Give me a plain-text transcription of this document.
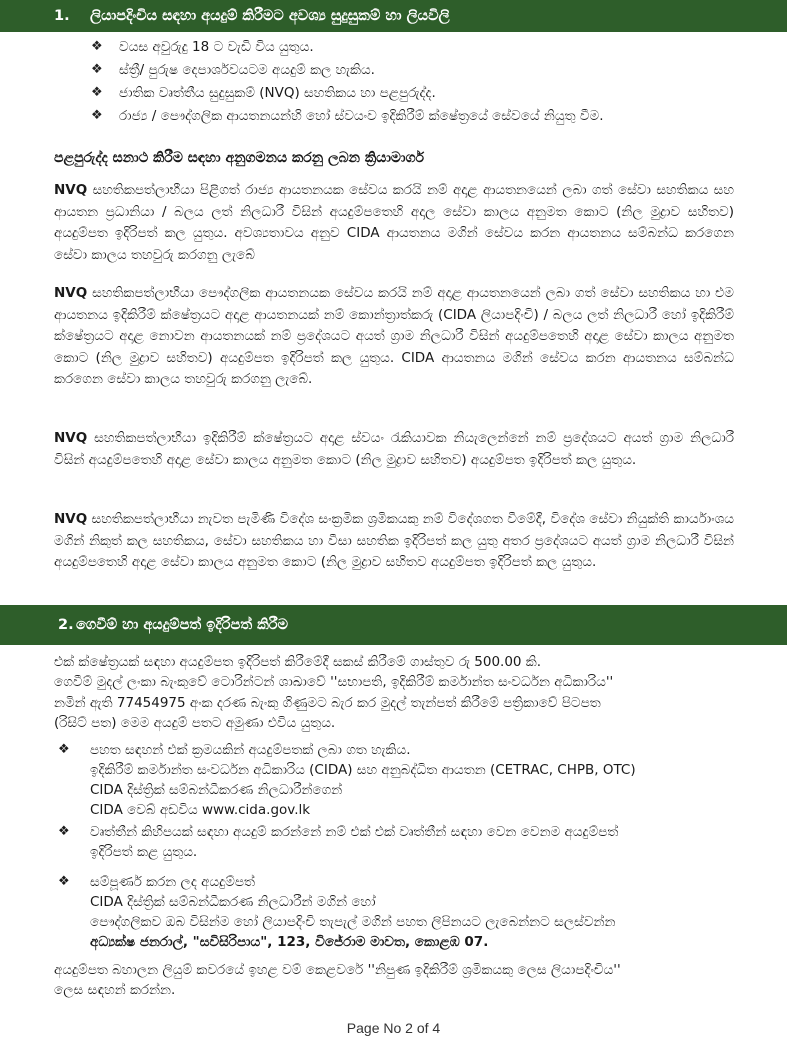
1.	ලියාපදිංචිය සඳහා අයදුම් කිරීමට අවශ්‍ය සුදුසුකම් හා ලියවිලි
❖ වයස අවුරුදු 18 ට වැඩි විය යුතුය.
❖ ස්ත්‍රී/ පුරුෂ දෙපාර්ශවයටම අයදුම් කල හැකිය.
❖ ජාතික වෘත්තීය සුදුසුකම් (NVQ) සහතිකය හා පළපුරුද්ද.
❖ රාජ්‍ය / පෞද්ගලික ආයතනයන්හි හෝ ස්වයංව ඉදිකිරීම් ක්ෂේත්‍රයේ සේවයේ නියුතු වීම.
පළපුරුද්ද සනාථ කිරීම සඳහා අනුගමනය කරනු ලබන ක්‍රියාමාර්ග
NVQ සහතිකපත්ලාභීයා පිළිගත් රාජ්‍ය ආයතනයක සේවය කරයි නම් අදාළ ආයතනයෙන් ලබා ගත් සේවා සහතිකය සහ ආයතන ප්‍රධානියා / බලය ලත් නිලධාරී විසින් අයදුම්පතෙහි අදාල සේවා කාලය අනුමත කොට (නිල මුද්‍රාව සහිතව) අයදුම්පත ඉදිරිපත් කල යුතුය. අවශ්‍යතාවය අනුව CIDA ආයතනය මගින් සේවය කරන ආයතනය සම්බන්ධ කරගෙන සේවා කාලය තහවුරු කරගනු ලැබේ
NVQ සහතිකපත්ලාභීයා පෞද්ගලික ආයතනයක සේවය කරයි නම් අදාළ ආයතනයෙන් ලබා ගත් සේවා සහතිකය හා එම ආයතනය ඉදිකිරීම් ක්ෂේත්‍රයට අදාළ ආයතනයක් නම් කොන්ත්‍රාත්කරු (CIDA ලියාපදිංචි) / බලය ලත් නිලධාරී හෝ ඉදිකිරීම් ක්ෂේත්‍රයට අදාළ නොවන ආයතනයක් නම් ප්‍රදේශයට අයත් ග්‍රාම නිලධාරී විසින් අයදුම්පතෙහි අදාළ සේවා කාලය අනුමත කොට (නිල මුද්‍රාව සහිතව) අයදුම්පත ඉදිරිපත් කල යුතුය. CIDA ආයතනය මගින් සේවය කරන ආයතනය සම්බන්ධ කරගෙන සේවා කාලය තහවුරු කරගනු ලැබේ.
NVQ සහතිකපත්ලාභීයා ඉදිකිරීම් ක්ෂේත්‍රයට අදාළ ස්වයං රැකියාවක නියැලෙන්නේ නම් ප්‍රදේශයට අයත් ග්‍රාම නිලධාරී විසින් අයදුම්පතෙහි අදාළ සේවා කාලය අනුමත කොට (නිල මුද්‍රාව සහිතව) අයදුම්පත ඉදිරිපත් කල යුතුය.
NVQ සහතිකපත්ලාභීයා නැවත පැමිණි විදේශ සංක්‍රමික ශ්‍රමිකයකු නම් විදේශගත වීමේදී, විදේශ සේවා නියුක්ති කාර්යාංශය මගින් නිකුත් කල සහතිකය, සේවා සහතිකය හා වීසා සහතික ඉදිරිපත් කල යුතු අතර ප්‍රදේශයට අයත් ග්‍රාම නිලධාරී විසින් අයදුම්පතෙහි අදාළ සේවා කාලය අනුමත කොට (නිල මුද්‍රාව සහිතව අයදුම්පත ඉදිරිපත් කල යුතුය.
2. ගෙවීම් හා අයදුම්පත් ඉදිරිපත් කිරීම
එක් ක්ෂේත්‍රයක් සඳහා අයදුම්පත ඉදිරිපත් කිරීමේදී සකස් කිරීමේ ගාස්තුව රු 500.00 කි.
ගෙවීම් මුදල් ලංකා බැංකුවේ ටොරින්ටන් ශාඛාවේ ''සභාපති, ඉදිකිරීම් කර්මාන්ත සංවර්ධන අධිකාරිය''
නමින් ඇති 77454975 අංක දරණ බැංකු ගිණුමට බැර කර මුදල් තැන්පත් කිරීමේ පත්‍රිකාවේ පිටපත
(රිසිට් පත) මෙම අයදුම් පතට අමුණා එවිය යුතුය.
❖ පහත සඳහන් එක් ක්‍රමයකින් අයදුම්පතක් ලබා ගත හැකිය.
ඉදිකිරීම් කර්මාන්ත සංවර්ධන අධිකාරිය (CIDA) සහ අනුබද්ධිත ආයතන (CETRAC, CHPB, OTC)
CIDA දිස්ත්‍රික් සම්බන්ධීකරණ නිලධාරීන්ගෙන්
CIDA වෙබ් අඩවිය www.cida.gov.lk
❖ වෘත්තීන් කිහිපයක් සඳහා අයදුම් කරන්නේ නම් එක් එක් වෘත්තීන් සඳහා වෙන වෙනම අයදුම්පත්
ඉදිරිපත් කළ යුතුය.
❖ සම්පූර්ණ කරන ලද අයදුම්පත්
CIDA දිස්ත්‍රික් සම්බන්ධීකරණ නිලධාරීන් මගින් හෝ
පෞද්ගලිකව ඔබ විසින්ම හෝ ලියාපදිංචි තැපැල් මගින් පහත ලිපිනයට ලැබෙන්නට සලස්වන්න
අධ්‍යක්ෂ ජනරාල්, "සවිසිරිපාය", 123, විජේරාම මාවත, කොළඹ 07.
අයදුම්පත බහාලන ලියුම් කවරයේ ඉහළ වම් කෙළවරේ ''නිපුණ ඉදිකිරීම් ශ්‍රමිකයකු ලෙස ලියාපදිංචිය''
ලෙස සඳහන් කරන්න.
Page No 2 of 4
